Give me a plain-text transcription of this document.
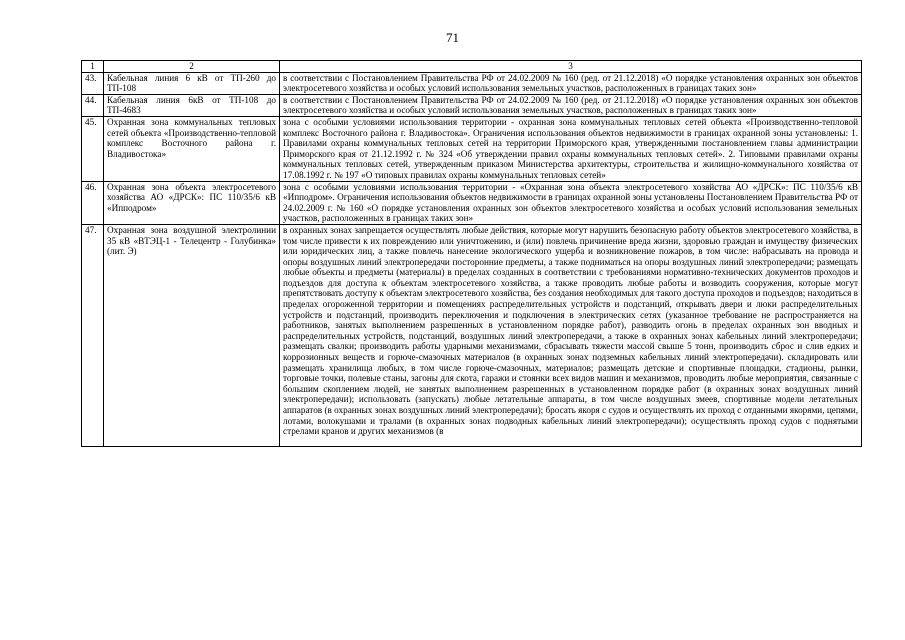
71
1	2	3
43.	Кабельная линия 6 кВ от ТП-260 до ТП-108	в соответствии с Постановлением Правительства РФ от 24.02.2009 № 160 (ред. от 21.12.2018) «О порядке установления охранных зон объектов электросетевого хозяйства и особых условий использования земельных участков, расположенных в границах таких зон»
44.	Кабельная линия 6кВ от ТП-108 до ТП-4683	в соответствии с Постановлением Правительства РФ от 24.02.2009 № 160 (ред. от 21.12.2018) «О порядке установления охранных зон объектов электросетевого хозяйства и особых условий использования земельных участков, расположенных в границах таких зон»
45.	Охранная зона коммунальных тепловых сетей объекта «Производственно-тепловой комплекс Восточного района г. Владивостока»	зона с особыми условиями использования территории - охранная зона коммунальных тепловых сетей объекта «Производственно-тепловой комплекс Восточного района г. Владивостока». Ограничения использования объектов недвижимости в границах охранной зоны установлены: 1. Правилами охраны коммунальных тепловых сетей на территории Приморского края, утвержденными постановлением главы администрации Приморского края от 21.12.1992 г. № 324 «Об утверждении правил охраны коммунальных тепловых сетей». 2. Типовыми правилами охраны коммунальных тепловых сетей, утвержденным приказом Министерства архитектуры, строительства и жилищно-коммунального хозяйства от 17.08.1992 г. № 197 «О типовых правилах охраны коммунальных тепловых сетей»
46.	Охранная зона объекта электросетевого хозяйства АО «ДРСК»: ПС 110/35/6 кВ «Ипподром»	зона с особыми условиями использования территории - «Охранная зона объекта электросетевого хозяйства АО «ДРСК»: ПС 110/35/6 кВ «Ипподром». Ограничения использования объектов недвижимости в границах охранной зоны установлены Постановлением Правительства РФ от 24.02.2009 г. № 160 «О порядке установления охранных зон объектов электросетевого хозяйства и особых условий использования земельных участков, расположенных в границах таких зон»
47.	Охранная зона воздушной электролинии 35 кВ «ВТЭЦ-1 - Телецентр - Голубинка» (лит. Э)	в охранных зонах запрещается осуществлять любые действия, которые могут нарушить безопасную работу объектов электросетевого хозяйства, в том числе привести к их повреждению или уничтожению, и (или) повлечь причинение вреда жизни, здоровью граждан и имуществу физических или юридических лиц, а также повлечь нанесение экологического ущерба и возникновение пожаров, в том числе: набрасывать на провода и опоры воздушных линий электропередачи посторонние предметы, а также подниматься на опоры воздушных линий электропередачи; размещать любые объекты и предметы (материалы) в пределах созданных в соответствии с требованиями нормативно-технических документов проходов и подъездов для доступа к объектам электросетевого хозяйства, а также проводить любые работы и возводить сооружения, которые могут препятствовать доступу к объектам электросетевого хозяйства, без создания необходимых для такого доступа проходов и подъездов; находиться в пределах огороженной территории и помещениях распределительных устройств и подстанций, открывать двери и люки распределительных устройств и подстанций, производить переключения и подключения в электрических сетях (указанное требование не распространяется на работников, занятых выполнением разрешенных в установленном порядке работ), разводить огонь в пределах охранных зон вводных и распределительных устройств, подстанций, воздушных линий электропередачи, а также в охранных зонах кабельных линий электропередачи; размещать свалки; производить работы ударными механизмами, сбрасывать тяжести массой свыше 5 тонн, производить сброс и слив едких и коррозионных веществ и горюче-смазочных материалов (в охранных зонах подземных кабельных линий электропередачи). складировать или размещать хранилища любых, в том числе горюче-смазочных, материалов; размещать детские и спортивные площадки, стадионы, рынки, торговые точки, полевые станы, загоны для скота, гаражи и стоянки всех видов машин и механизмов, проводить любые мероприятия, связанные с большим скоплением людей, не занятых выполнением разрешенных в установленном порядке работ (в охранных зонах воздушных линий электропередачи); использовать (запускать) любые летательные аппараты, в том числе воздушных змеев, спортивные модели летательных аппаратов (в охранных зонах воздушных линий электропередачи); бросать якоря с судов и осуществлять их проход с отданными якорями, цепями, лотами, волокушами и тралами (в охранных зонах подводных кабельных линий электропередачи); осуществлять проход судов с поднятыми стрелами кранов и других механизмов (в
